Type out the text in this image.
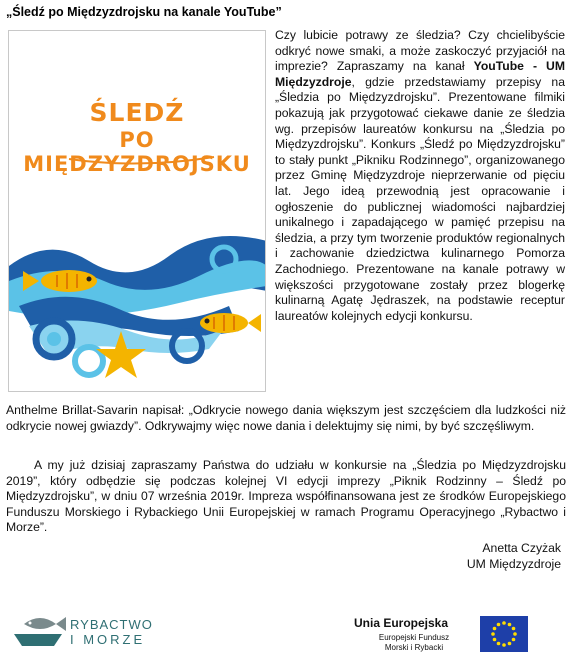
„Śledź po Międzyzdrojsku na kanale YouTube”
ŚLEDŹ
PO MIĘDZYZDROJSKU
Czy lubicie potrawy ze śledzia? Czy chcielibyście odkryć nowe smaki, a może zaskoczyć przyjaciół na imprezie? Zapraszamy na kanał YouTube - UM Międzyzdroje, gdzie przedstawiamy przepisy na „Śledzia po Międzyzdrojsku”. Prezentowane filmiki pokazują jak przygotować ciekawe danie ze śledzia wg. przepisów laureatów konkursu na „Śledzia po Międzyzdrojsku”. Konkurs „Śledź po Międzyzdrojsku” to stały punkt „Pikniku Rodzinnego”, organizowanego przez Gminę Międzyzdroje nieprzerwanie od pięciu lat. Jego ideą przewodnią jest opracowanie i ogłoszenie do publicznej wiadomości najbardziej unikalnego i zapadającego w pamięć przepisu na śledzia, a przy tym tworzenie produktów regionalnych i zachowanie dziedzictwa kulinarnego Pomorza Zachodniego. Prezentowane na kanale potrawy w większości przygotowane zostały przez blogerkę kulinarną Agatę Jędraszek, na podstawie receptur laureatów kolejnych edycji konkursu.
Anthelme Brillat-Savarin napisał: „Odkrycie nowego dania większym jest szczęściem dla ludzkości niż odkrycie nowej gwiazdy”. Odkrywajmy więc nowe dania i delektujmy się nimi, by być szczęśliwym.
A my już dzisiaj zapraszamy Państwa do udziału w konkursie na „Śledzia po Międzyzdrojsku 2019”, który odbędzie się podczas kolejnej VI edycji imprezy „Piknik Rodzinny – Śledź po Międzyzdrojsku”, w dniu 07 września 2019r. Impreza współfinansowana jest ze środków Europejskiego Funduszu Morskiego i Rybackiego Unii Europejskiej w ramach Programu Operacyjnego „Rybactwo i Morze”.
Anetta Czyżak
UM Międzyzdroje
RYBACTWO
I MORZE
Unia Europejska
Europejski Fundusz
Morski i Rybacki
